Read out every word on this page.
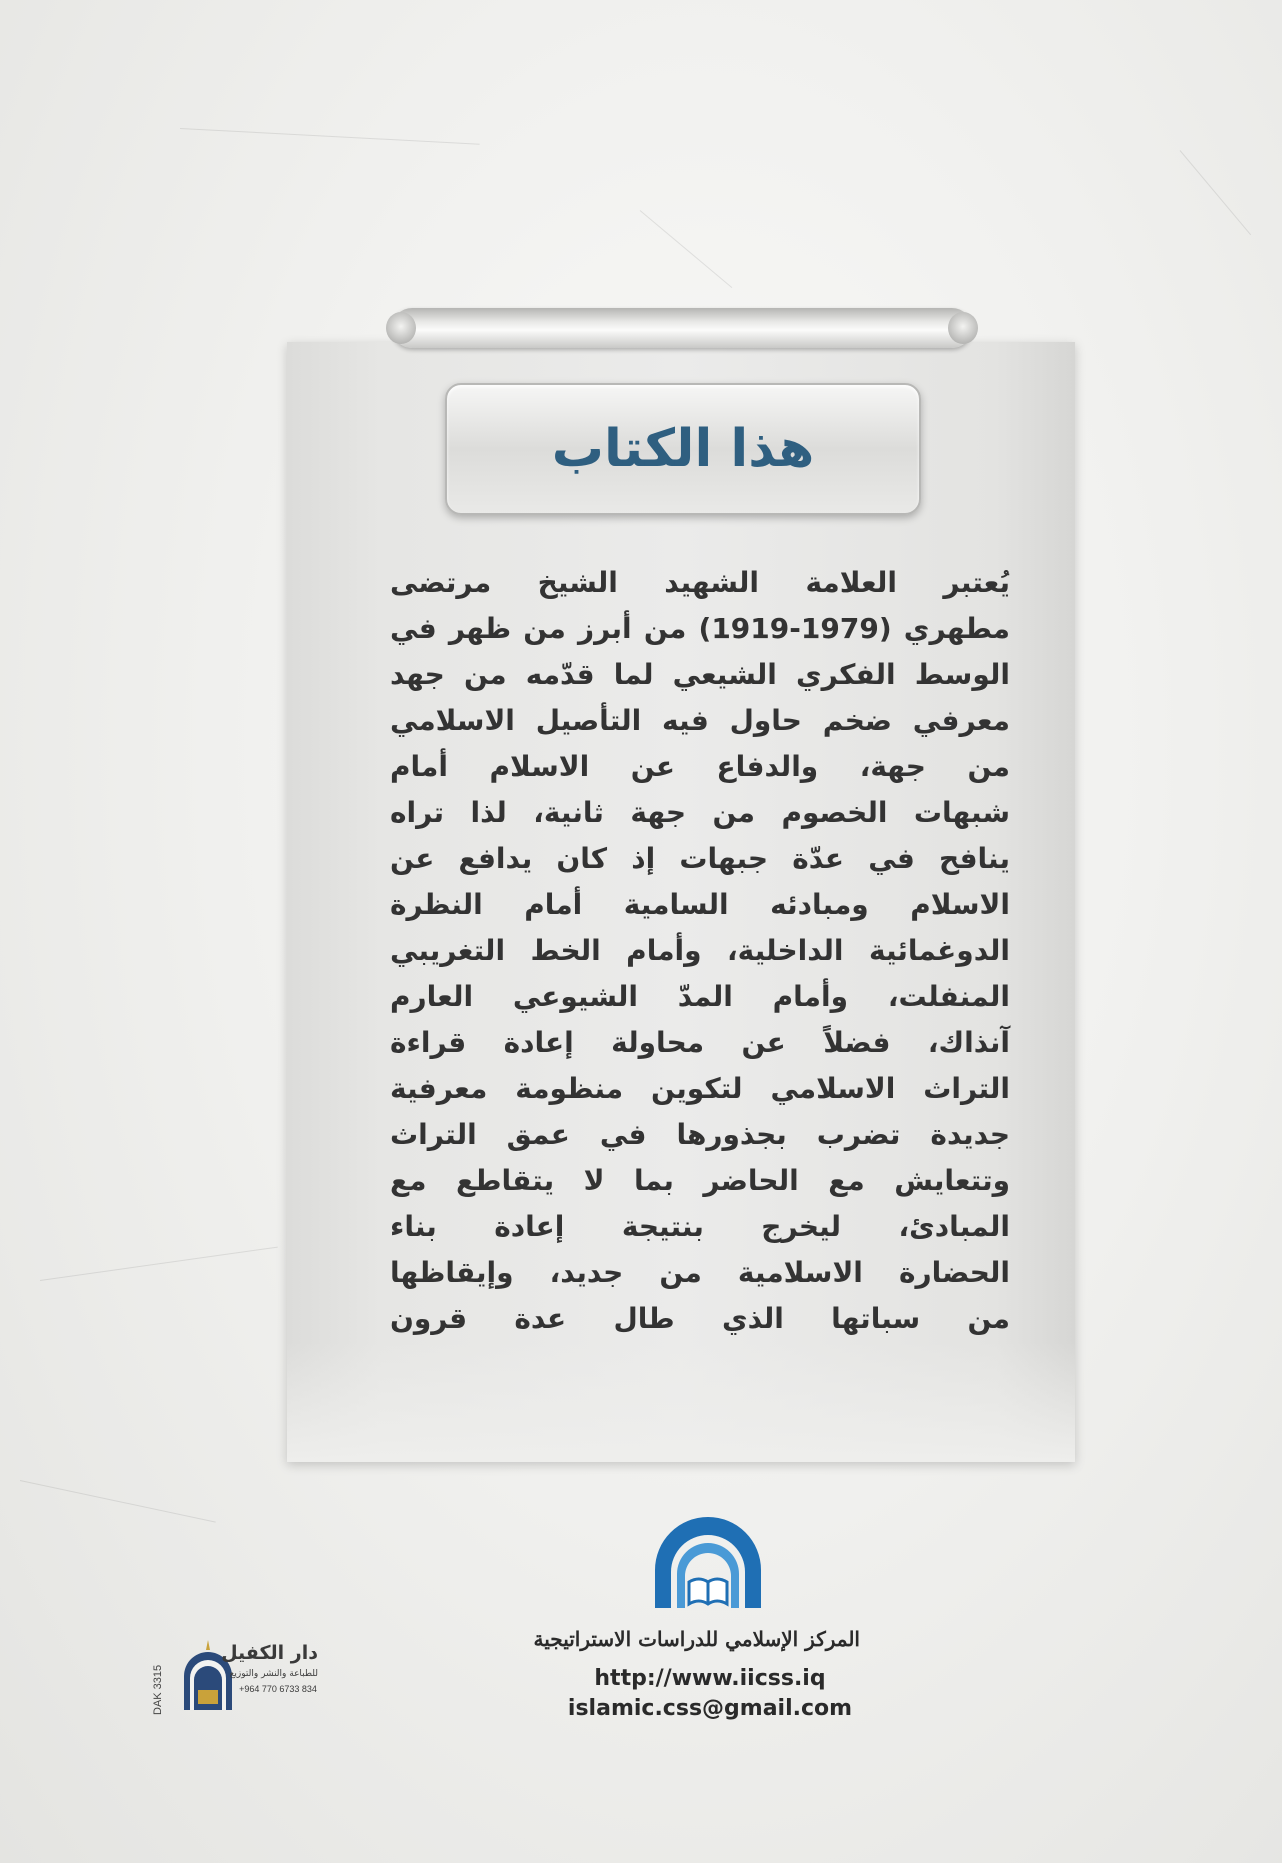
هذا الكتاب
يُعتبر العلامة الشهيد الشيخ مرتضى
مطهري (1979-1919) من أبرز من ظهر في
الوسط الفكري الشيعي لما قدّمه من جهد
معرفي ضخم حاول فيه التأصيل الاسلامي
من جهة، والدفاع عن الاسلام أمام
شبهات الخصوم من جهة ثانية، لذا تراه
ينافح في عدّة جبهات إذ كان يدافع عن
الاسلام ومبادئه السامية أمام النظرة
الدوغمائية الداخلية، وأمام الخط التغريبي
المنفلت، وأمام المدّ الشيوعي العارم
آنذاك، فضلاً عن محاولة إعادة قراءة
التراث الاسلامي لتكوين منظومة معرفية
جديدة تضرب بجذورها في عمق التراث
وتتعايش مع الحاضر بما لا يتقاطع مع
المبادئ، ليخرج بنتيجة إعادة بناء
الحضارة الاسلامية من جديد، وإيقاظها
من سباتها الذي طال عدة قرون
المركز الإسلامي للدراسات الاستراتيجية
http://www.iicss.iq
islamic.css@gmail.com
DAK 3315
دار الكفيل
للطباعة والنشر والتوزيع
+964 770 6733 834
